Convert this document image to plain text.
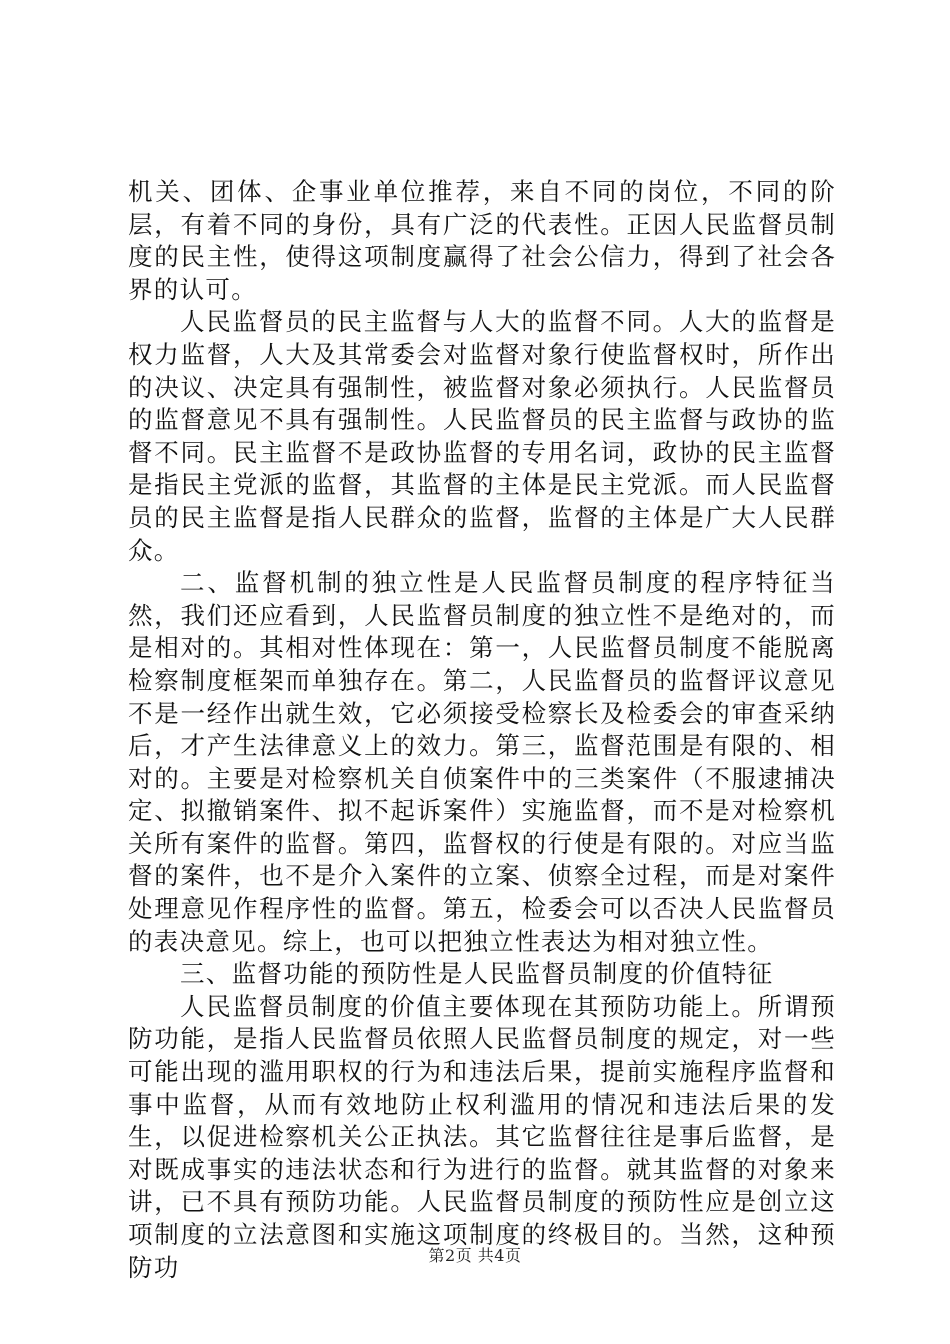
机关、团体、企事业单位推荐，来自不同的岗位，不同的阶层，有着不同的身份，具有广泛的代表性。正因人民监督员制度的民主性，使得这项制度赢得了社会公信力，得到了社会各界的认可。

人民监督员的民主监督与人大的监督不同。人大的监督是权力监督，人大及其常委会对监督对象行使监督权时，所作出的决议、决定具有强制性，被监督对象必须执行。人民监督员的监督意见不具有强制性。人民监督员的民主监督与政协的监督不同。民主监督不是政协监督的专用名词，政协的民主监督是指民主党派的监督，其监督的主体是民主党派。而人民监督员的民主监督是指人民群众的监督，监督的主体是广大人民群众。

二、监督机制的独立性是人民监督员制度的程序特征当然，我们还应看到，人民监督员制度的独立性不是绝对的，而是相对的。其相对性体现在：第一，人民监督员制度不能脱离检察制度框架而单独存在。第二，人民监督员的监督评议意见不是一经作出就生效，它必须接受检察长及检委会的审查采纳后，才产生法律意义上的效力。第三，监督范围是有限的、相对的。主要是对检察机关自侦案件中的三类案件（不服逮捕决定、拟撤销案件、拟不起诉案件）实施监督，而不是对检察机关所有案件的监督。第四，监督权的行使是有限的。对应当监督的案件，也不是介入案件的立案、侦察全过程，而是对案件处理意见作程序性的监督。第五，检委会可以否决人民监督员的表决意见。综上，也可以把独立性表达为相对独立性。

三、监督功能的预防性是人民监督员制度的价值特征

人民监督员制度的价值主要体现在其预防功能上。所谓预防功能，是指人民监督员依照人民监督员制度的规定，对一些可能出现的滥用职权的行为和违法后果，提前实施程序监督和事中监督，从而有效地防止权利滥用的情况和违法后果的发生，以促进检察机关公正执法。其它监督往往是事后监督，是对既成事实的违法状态和行为进行的监督。就其监督的对象来讲，已不具有预防功能。人民监督员制度的预防性应是创立这项制度的立法意图和实施这项制度的终极目的。当然，这种预防功	第2页 共4页
